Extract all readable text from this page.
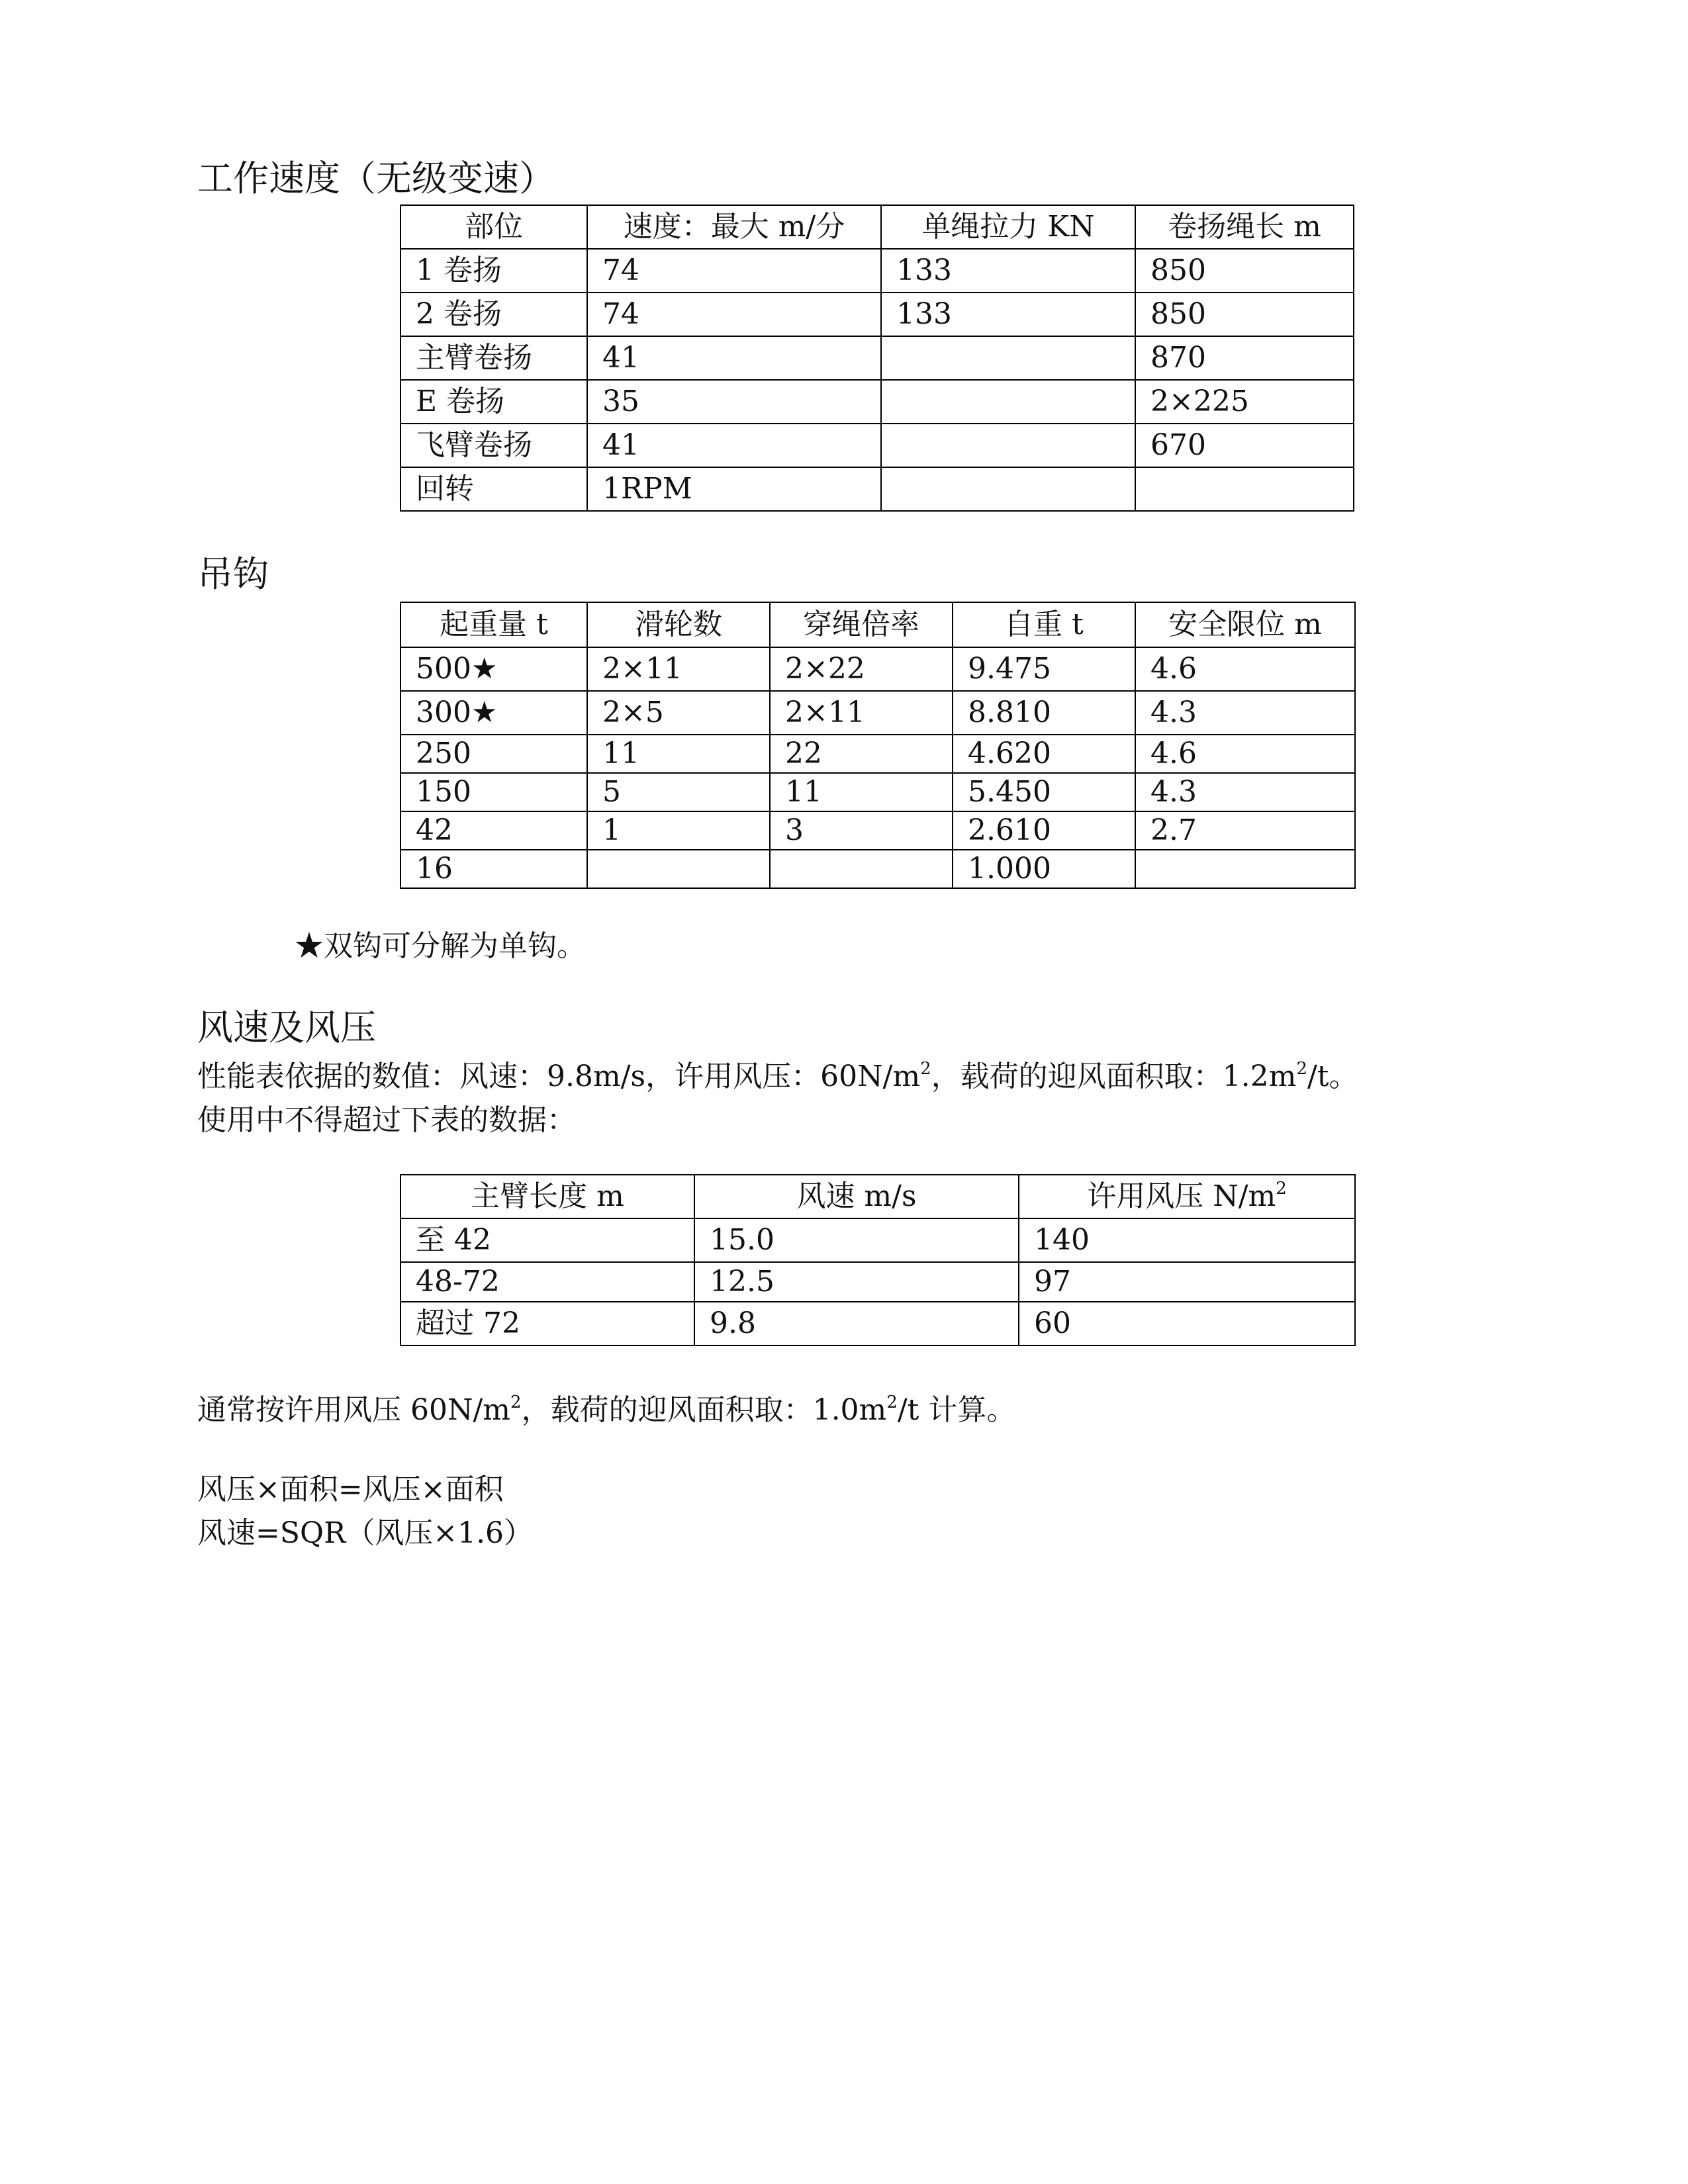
工作速度（无级变速）
部位	速度：最大 m/分	单绳拉力 KN	卷扬绳长 m
1 卷扬	74	133	850
2 卷扬	74	133	850
主臂卷扬	41		870
E 卷扬	35		2×225
飞臂卷扬	41		670
回转	1RPM		
吊钩
起重量 t	滑轮数	穿绳倍率	自重 t	安全限位 m
500★	2×11	2×22	9.475	4.6
300★	2×5	2×11	8.810	4.3
250	11	22	4.620	4.6
150	5	11	5.450	4.3
42	1	3	2.610	2.7
16			1.000	
★双钩可分解为单钩。
风速及风压
性能表依据的数值：风速：9.8m/s，许用风压：$60N/m^2$，载荷的迎风面积取：$1.2m^2/t$。
使用中不得超过下表的数据：
主臂长度 m	风速 m/s	许用风压 $N/m^2$
至 42	15.0	140
48-72	12.5	97
超过 72	9.8	60
通常按许用风压 $60N/m^2$，载荷的迎风面积取：$1.0m^2/t$ 计算。
风压×面积=风压×面积
风速=SQR（风压×1.6）
